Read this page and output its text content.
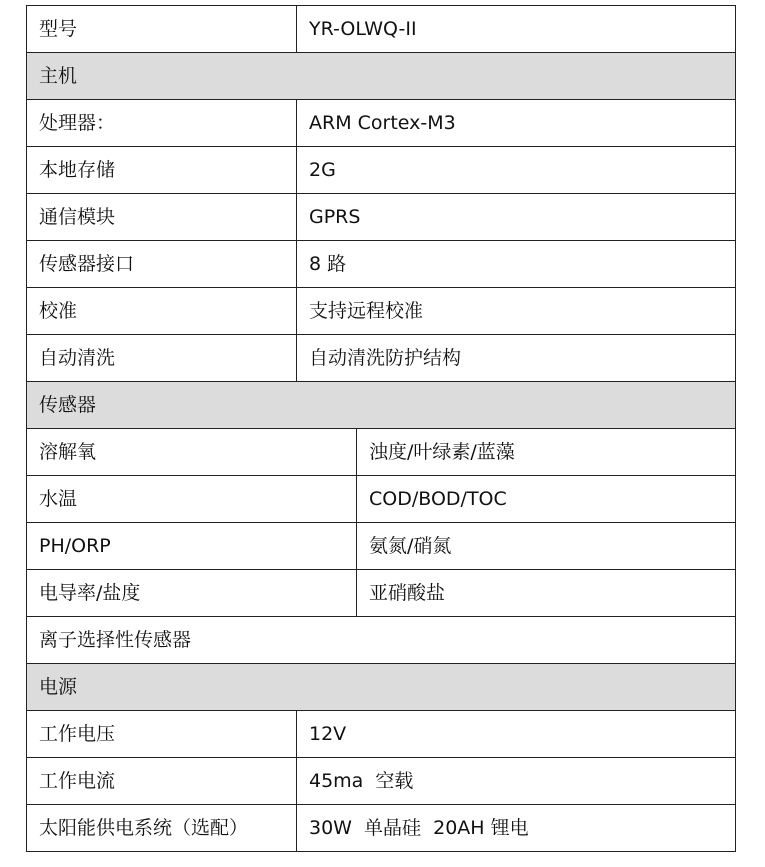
型号	YR-OLWQ-II	
主机		
处理器：	ARM Cortex-M3	
本地存储	2G	
通信模块	GPRS	
传感器接口	8 路	
校准	支持远程校准	
自动清洗	自动清洗防护结构	
传感器		
溶解氧		浊度/叶绿素/蓝藻
水温		COD/BOD/TOC
PH/ORP		氨氮/硝氮
电导率/盐度		亚硝酸盐
离子选择性传感器		
电源		
工作电压	12V	
工作电流	45ma  空载	
太阳能供电系统（选配）	30W  单晶硅  20AH 锂电	
